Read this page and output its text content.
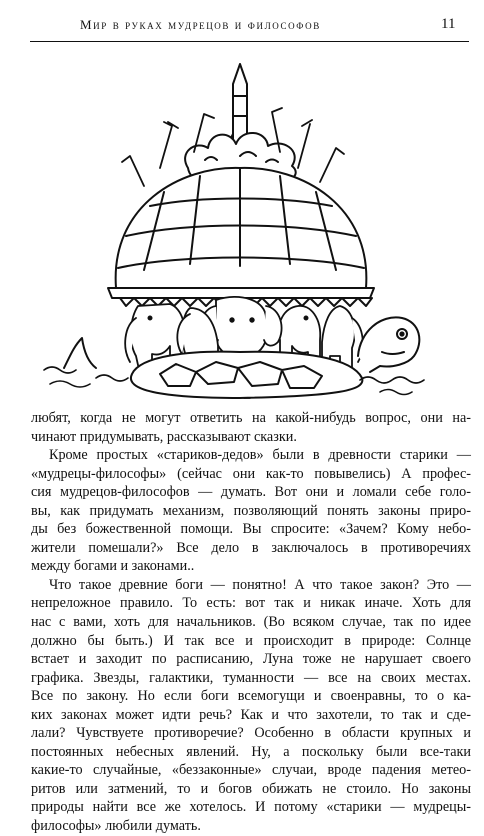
Мир в руках мудрецов и философов	11

любят, когда не могут ответить на какой-нибудь вопрос, они на-
чинают придумывать, рассказывают сказки.

Кроме простых «стариков-дедов» были в древности старики —
«мудрецы-философы» (сейчас они как-то повывелись) А профес-
сия мудрецов-философов — думать. Вот они и ломали себе голо-
вы, как придумать механизм, позволяющий понять законы приро-
ды без божественной помощи. Вы спросите: «Зачем? Кому небо-
жители помешали?» Все дело в заключалось в противоречиях
между богами и законами..

Что такое древние боги — понятно! А что такое закон? Это —
непреложное правило. То есть: вот так и никак иначе. Хоть для
нас с вами, хоть для начальников. (Во всяком случае, так по идее
должно бы быть.) И так все и происходит в природе: Солнце
встает и заходит по расписанию, Луна тоже не нарушает своего
графика. Звезды, галактики, туманности — все на своих местах.
Все по закону. Но если боги всемогущи и своенравны, то о ка-
ких законах может идти речь? Как и что захотели, то так и сде-
лали? Чувствуете противоречие? Особенно в области крупных и
постоянных небесных явлений. Ну, а поскольку были все-таки
какие-то случайные, «беззаконные» случаи, вроде падения метео-
ритов или затмений, то и богов обижать не стоило. Но законы
природы найти все же хотелось. И потому «старики — мудрецы-
философы» любили думать.
